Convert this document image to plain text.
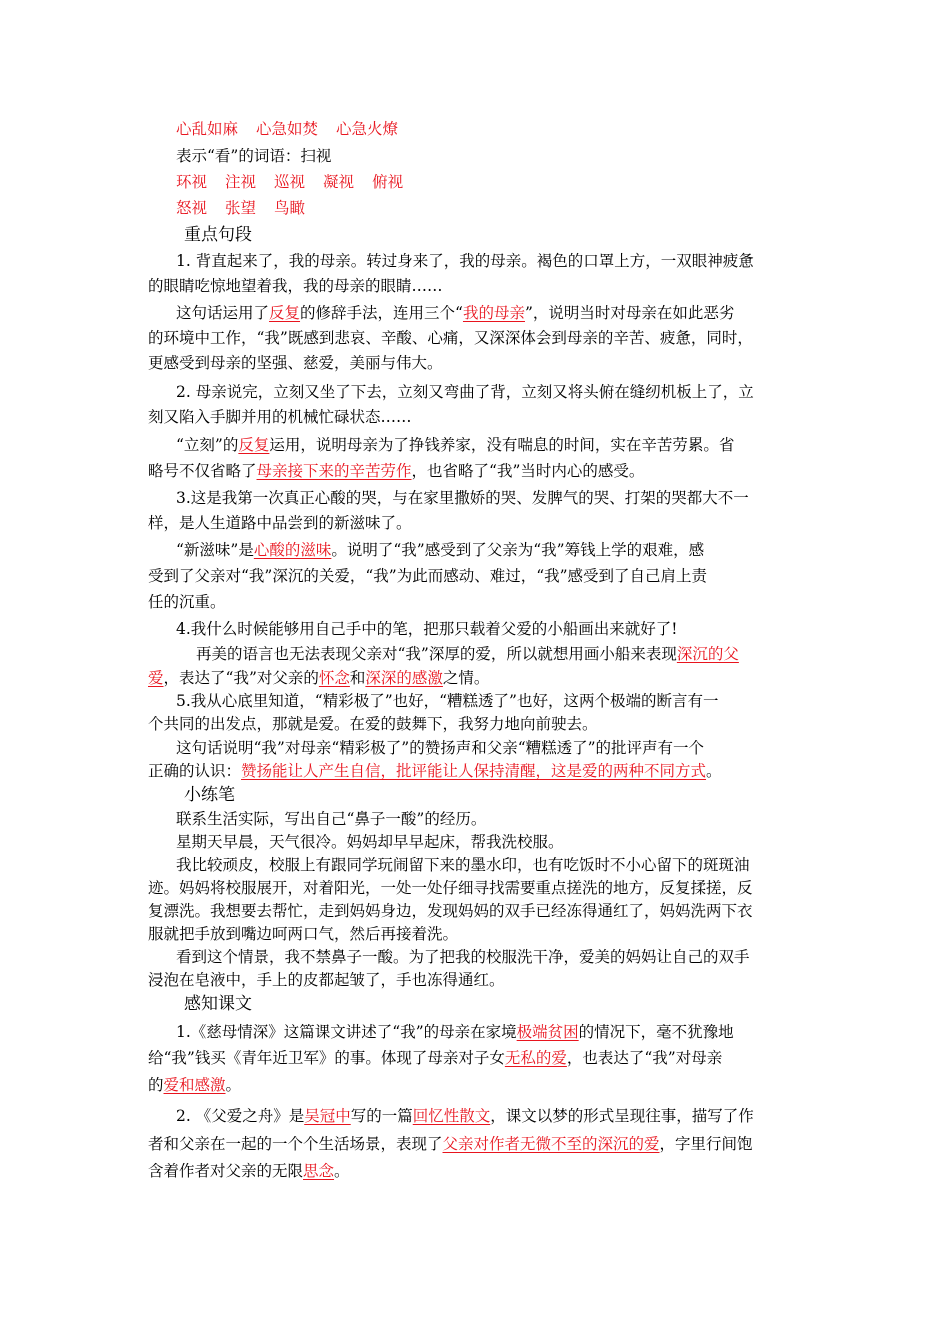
心乱如麻 心急如焚 心急火燎
表示“看”的词语：扫视
环视 注视 巡视 凝视 俯视
怒视 张望 鸟瞰
重点句段
1. 背直起来了，我的母亲。转过身来了，我的母亲。褐色的口罩上方，一双眼神疲惫
的眼睛吃惊地望着我，我的母亲的眼睛……
这句话运用了反复的修辞手法，连用三个“我的母亲”，说明当时对母亲在如此恶劣
的环境中工作，“我”既感到悲哀、辛酸、心痛，又深深体会到母亲的辛苦、疲惫，同时，
更感受到母亲的坚强、慈爱，美丽与伟大。
2. 母亲说完，立刻又坐了下去，立刻又弯曲了背，立刻又将头俯在缝纫机板上了，立
刻又陷入手脚并用的机械忙碌状态……
“立刻”的反复运用，说明母亲为了挣钱养家，没有喘息的时间，实在辛苦劳累。省
略号不仅省略了母亲接下来的辛苦劳作，也省略了“我”当时内心的感受。
3.这是我第一次真正心酸的哭，与在家里撒娇的哭、发脾气的哭、打架的哭都大不一
样，是人生道路中品尝到的新滋味了。
“新滋味”是心酸的滋味。说明了“我”感受到了父亲为“我”筹钱上学的艰难，感
受到了父亲对“我”深沉的关爱，“我”为此而感动、难过，“我”感受到了自己肩上责
任的沉重。
4.我什么时候能够用自己手中的笔，把那只载着父爱的小船画出来就好了!
再美的语言也无法表现父亲对“我”深厚的爱，所以就想用画小船来表现深沉的父
爱，表达了“我”对父亲的怀念和深深的感激之情。
5.我从心底里知道，“精彩极了”也好，“糟糕透了”也好，这两个极端的断言有一
个共同的出发点，那就是爱。在爱的鼓舞下，我努力地向前驶去。
这句话说明“我”对母亲“精彩极了”的赞扬声和父亲“糟糕透了”的批评声有一个
正确的认识：赞扬能让人产生自信，批评能让人保持清醒，这是爱的两种不同方式。
小练笔
联系生活实际，写出自己“鼻子一酸”的经历。
星期天早晨，天气很冷。妈妈却早早起床，帮我洗校服。
我比较顽皮，校服上有跟同学玩闹留下来的墨水印，也有吃饭时不小心留下的斑斑油
迹。妈妈将校服展开，对着阳光，一处一处仔细寻找需要重点搓洗的地方，反复揉搓，反
复漂洗。我想要去帮忙，走到妈妈身边，发现妈妈的双手已经冻得通红了，妈妈洗两下衣
服就把手放到嘴边呵两口气，然后再接着洗。
看到这个情景，我不禁鼻子一酸。为了把我的校服洗干净，爱美的妈妈让自己的双手
浸泡在皂液中，手上的皮都起皱了，手也冻得通红。
感知课文
1.《慈母情深》这篇课文讲述了“我”的母亲在家境极端贫困的情况下，毫不犹豫地
给“我”钱买《青年近卫军》的事。体现了母亲对子女无私的爱，也表达了“我”对母亲
的爱和感激。
2. 《父爱之舟》是吴冠中写的一篇回忆性散文，课文以梦的形式呈现往事，描写了作
者和父亲在一起的一个个生活场景，表现了父亲对作者无微不至的深沉的爱，字里行间饱
含着作者对父亲的无限思念。
